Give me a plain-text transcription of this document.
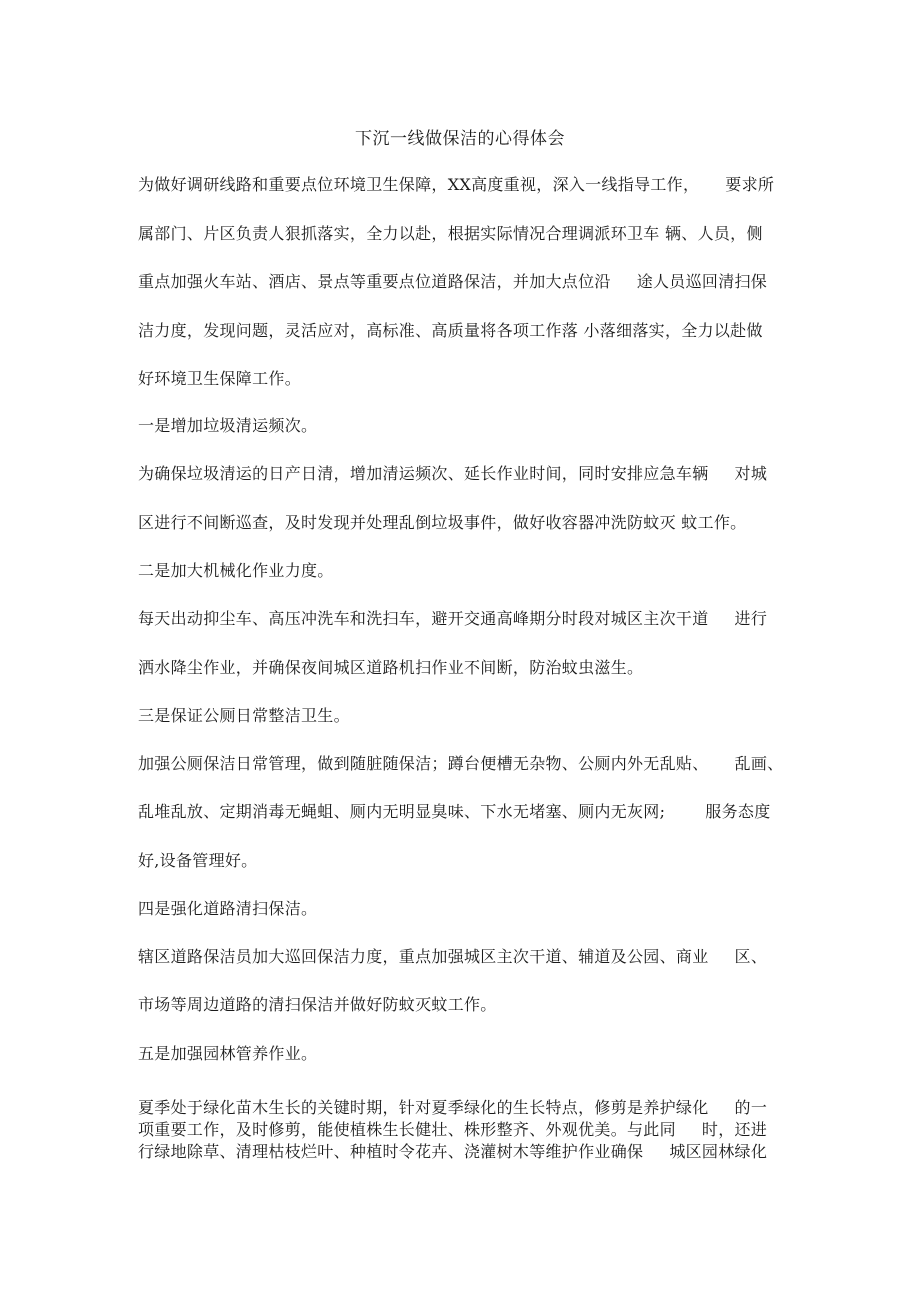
下沉一线做保洁的心得体会
为做好调研线路和重要点位环境卫生保障，XX高度重视，深入一线指导工作， 要求所
属部门、片区负责人狠抓落实，全力以赴，根据实际情况合理调派环卫车 辆、人员，侧
重点加强火车站、酒店、景点等重要点位道路保洁，并加大点位沿 途人员巡回清扫保
洁力度，发现问题，灵活应对，高标准、高质量将各项工作落 小落细落实，全力以赴做
好环境卫生保障工作。
一是增加垃圾清运频次。
为确保垃圾清运的日产日清，增加清运频次、延长作业时间，同时安排应急车辆 对城
区进行不间断巡查，及时发现并处理乱倒垃圾事件，做好收容器冲洗防蚊灭 蚊工作。
二是加大机械化作业力度。
每天出动抑尘车、高压冲洗车和洗扫车，避开交通高峰期分时段对城区主次干道 进行
洒水降尘作业，并确保夜间城区道路机扫作业不间断，防治蚊虫滋生。
三是保证公厕日常整洁卫生。
加强公厕保洁日常管理，做到随脏随保洁；蹲台便槽无杂物、公厕内外无乱贴、 乱画、
乱堆乱放、定期消毒无蝇蛆、厕内无明显臭味、下水无堵塞、厕内无灰网;	服务态度
好,设备管理好。
四是强化道路清扫保洁。
辖区道路保洁员加大巡回保洁力度，重点加强城区主次干道、辅道及公园、商业 区、
市场等周边道路的清扫保洁并做好防蚊灭蚊工作。
五是加强园林管养作业。
夏季处于绿化苗木生长的关键时期，针对夏季绿化的生长特点，修剪是养护绿化 的一
项重要工作，及时修剪，能使植株生长健壮、株形整齐、外观优美。与此同 时，还进
行绿地除草、清理枯枝烂叶、种植时令花卉、浇灌树木等维护作业确保 城区园林绿化
